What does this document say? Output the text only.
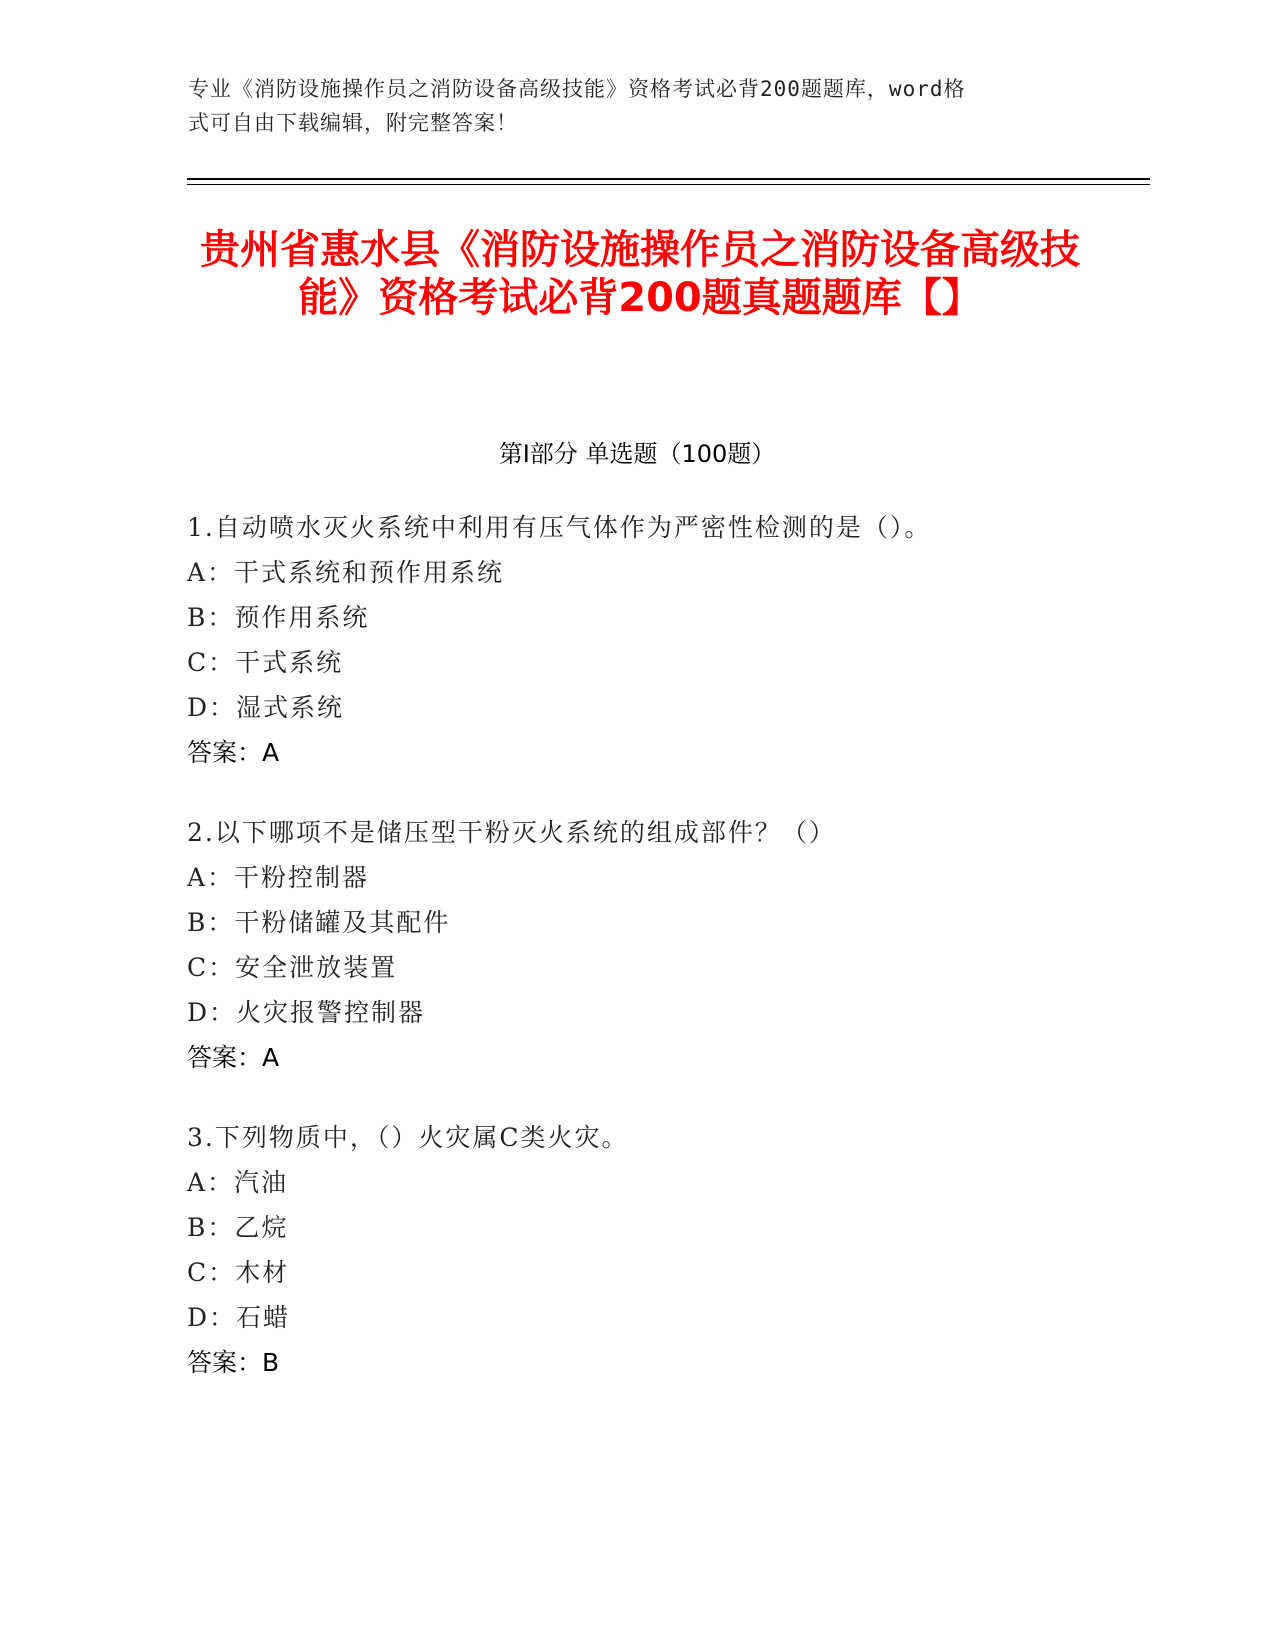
专业《消防设施操作员之消防设备高级技能》资格考试必背200题题库，word格
式可自由下载编辑，附完整答案！
贵州省惠水县《消防设施操作员之消防设备高级技能》资格考试必背200题真题题库【】
第I部分 单选题（100题）
1.自动喷水灭火系统中利用有压气体作为严密性检测的是（）。
A：干式系统和预作用系统
B：预作用系统
C：干式系统
D：湿式系统
答案：A
2.以下哪项不是储压型干粉灭火系统的组成部件？（）
A：干粉控制器
B：干粉储罐及其配件
C：安全泄放装置
D：火灾报警控制器
答案：A
3.下列物质中，（）火灾属C类火灾。
A：汽油
B：乙烷
C：木材
D：石蜡
答案：B
